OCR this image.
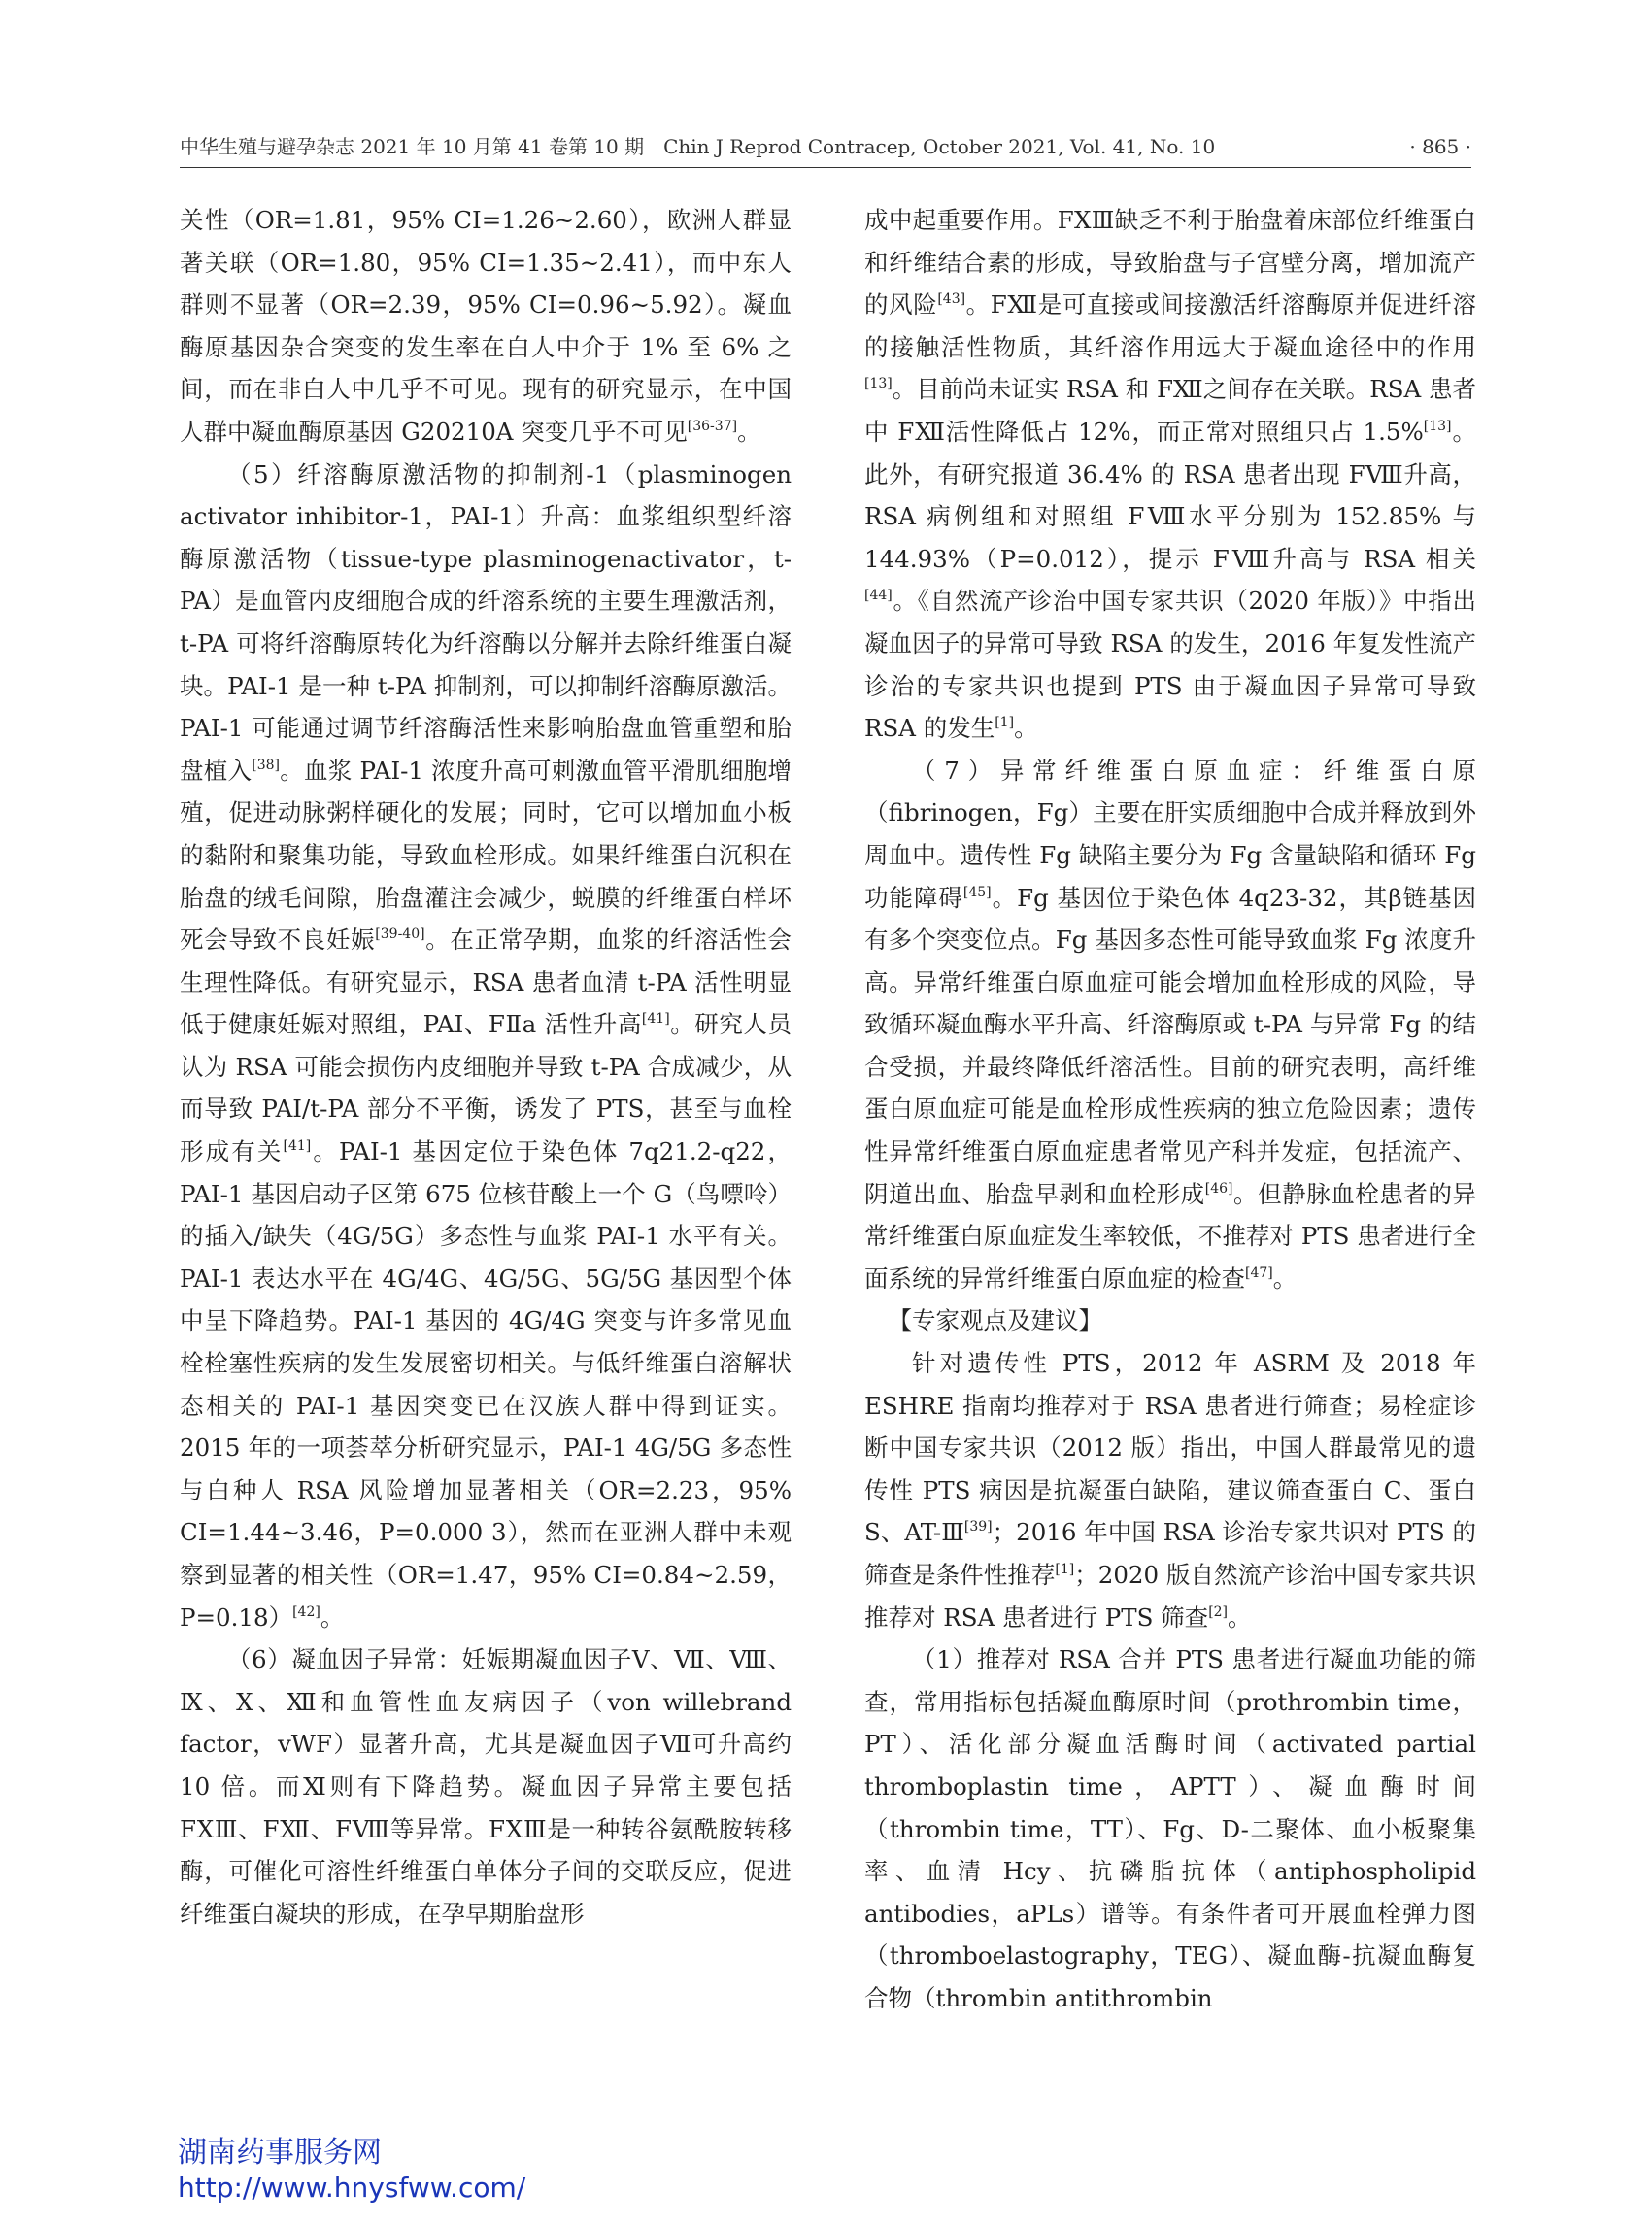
中华生殖与避孕杂志 2021 年 10 月第 41 卷第 10 期　Chin J Reprod Contracep, October 2021, Vol. 41, No. 10	· 865 ·

关性（OR=1.81，95% CI=1.26~2.60），欧洲人群显著关联（OR=1.80，95% CI=1.35~2.41），而中东人群则不显著（OR=2.39，95% CI=0.96~5.92）。凝血酶原基因杂合突变的发生率在白人中介于 1% 至 6% 之间，而在非白人中几乎不可见。现有的研究显示，在中国人群中凝血酶原基因 G20210A 突变几乎不可见[36-37]。

（5）纤溶酶原激活物的抑制剂-1（plasminogen activator inhibitor-1，PAI-1）升高：血浆组织型纤溶酶原激活物（tissue-type plasminogenactivator，t-PA）是血管内皮细胞合成的纤溶系统的主要生理激活剂，t-PA 可将纤溶酶原转化为纤溶酶以分解并去除纤维蛋白凝块。PAI-1 是一种 t-PA 抑制剂，可以抑制纤溶酶原激活。PAI-1 可能通过调节纤溶酶活性来影响胎盘血管重塑和胎盘植入[38]。血浆 PAI-1 浓度升高可刺激血管平滑肌细胞增殖，促进动脉粥样硬化的发展；同时，它可以增加血小板的黏附和聚集功能，导致血栓形成。如果纤维蛋白沉积在胎盘的绒毛间隙，胎盘灌注会减少，蜕膜的纤维蛋白样坏死会导致不良妊娠[39-40]。在正常孕期，血浆的纤溶活性会生理性降低。有研究显示，RSA 患者血清 t-PA 活性明显低于健康妊娠对照组，PAI、FⅡa 活性升高[41]。研究人员认为 RSA 可能会损伤内皮细胞并导致 t-PA 合成减少，从而导致 PAI/t-PA 部分不平衡，诱发了 PTS，甚至与血栓形成有关[41]。PAI-1 基因定位于染色体 7q21.2-q22，PAI-1 基因启动子区第 675 位核苷酸上一个 G（鸟嘌呤）的插入/缺失（4G/5G）多态性与血浆 PAI-1 水平有关。PAI-1 表达水平在 4G/4G、4G/5G、5G/5G 基因型个体中呈下降趋势。PAI-1 基因的 4G/4G 突变与许多常见血栓栓塞性疾病的发生发展密切相关。与低纤维蛋白溶解状态相关的 PAI-1 基因突变已在汉族人群中得到证实。2015 年的一项荟萃分析研究显示，PAI-1 4G/5G 多态性与白种人 RSA 风险增加显著相关（OR=2.23，95% CI=1.44~3.46，P=0.000 3），然而在亚洲人群中未观察到显著的相关性（OR=1.47，95% CI=0.84~2.59，P=0.18）[42]。

（6）凝血因子异常：妊娠期凝血因子Ⅴ、Ⅶ、Ⅷ、Ⅸ、Ⅹ、Ⅻ和血管性血友病因子（von willebrand factor，vWF）显著升高，尤其是凝血因子Ⅶ可升高约 10 倍。而Ⅺ则有下降趋势。凝血因子异常主要包括 FⅩⅢ、FⅫ、FⅧ等异常。FⅩⅢ是一种转谷氨酰胺转移酶，可催化可溶性纤维蛋白单体分子间的交联反应，促进纤维蛋白凝块的形成，在孕早期胎盘形

成中起重要作用。FⅩⅢ缺乏不利于胎盘着床部位纤维蛋白和纤维结合素的形成，导致胎盘与子宫壁分离，增加流产的风险[43]。FⅫ是可直接或间接激活纤溶酶原并促进纤溶的接触活性物质，其纤溶作用远大于凝血途径中的作用[13]。目前尚未证实 RSA 和 FⅫ之间存在关联。RSA 患者中 FⅫ活性降低占 12%，而正常对照组只占 1.5%[13]。此外，有研究报道 36.4% 的 RSA 患者出现 FⅧ升高，RSA 病例组和对照组 FⅧ水平分别为 152.85% 与 144.93%（P=0.012），提示 FⅧ升高与 RSA 相关[44]。《自然流产诊治中国专家共识（2020 年版）》中指出凝血因子的异常可导致 RSA 的发生，2016 年复发性流产诊治的专家共识也提到 PTS 由于凝血因子异常可导致 RSA 的发生[1]。

（7）异常纤维蛋白原血症：纤维蛋白原（fibrinogen，Fg）主要在肝实质细胞中合成并释放到外周血中。遗传性 Fg 缺陷主要分为 Fg 含量缺陷和循环 Fg 功能障碍[45]。Fg 基因位于染色体 4q23-32，其β链基因有多个突变位点。Fg 基因多态性可能导致血浆 Fg 浓度升高。异常纤维蛋白原血症可能会增加血栓形成的风险，导致循环凝血酶水平升高、纤溶酶原或 t-PA 与异常 Fg 的结合受损，并最终降低纤溶活性。目前的研究表明，高纤维蛋白原血症可能是血栓形成性疾病的独立危险因素；遗传性异常纤维蛋白原血症患者常见产科并发症，包括流产、阴道出血、胎盘早剥和血栓形成[46]。但静脉血栓患者的异常纤维蛋白原血症发生率较低，不推荐对 PTS 患者进行全面系统的异常纤维蛋白原血症的检查[47]。

【专家观点及建议】

针对遗传性 PTS，2012 年 ASRM 及 2018 年 ESHRE 指南均推荐对于 RSA 患者进行筛查；易栓症诊断中国专家共识（2012 版）指出，中国人群最常见的遗传性 PTS 病因是抗凝蛋白缺陷，建议筛查蛋白 C、蛋白 S、AT-Ⅲ[39]；2016 年中国 RSA 诊治专家共识对 PTS 的筛查是条件性推荐[1]；2020 版自然流产诊治中国专家共识推荐对 RSA 患者进行 PTS 筛查[2]。

（1）推荐对 RSA 合并 PTS 患者进行凝血功能的筛查，常用指标包括凝血酶原时间（prothrombin time，PT）、活化部分凝血活酶时间（activated partial thromboplastin time，APTT）、凝血酶时间（thrombin time，TT）、Fg、D-二聚体、血小板聚集率、血清 Hcy、抗磷脂抗体（antiphospholipid antibodies，aPLs）谱等。有条件者可开展血栓弹力图（thromboelastography，TEG）、凝血酶-抗凝血酶复合物（thrombin antithrombin

湖南药事服务网
http://www.hnysfww.com/
